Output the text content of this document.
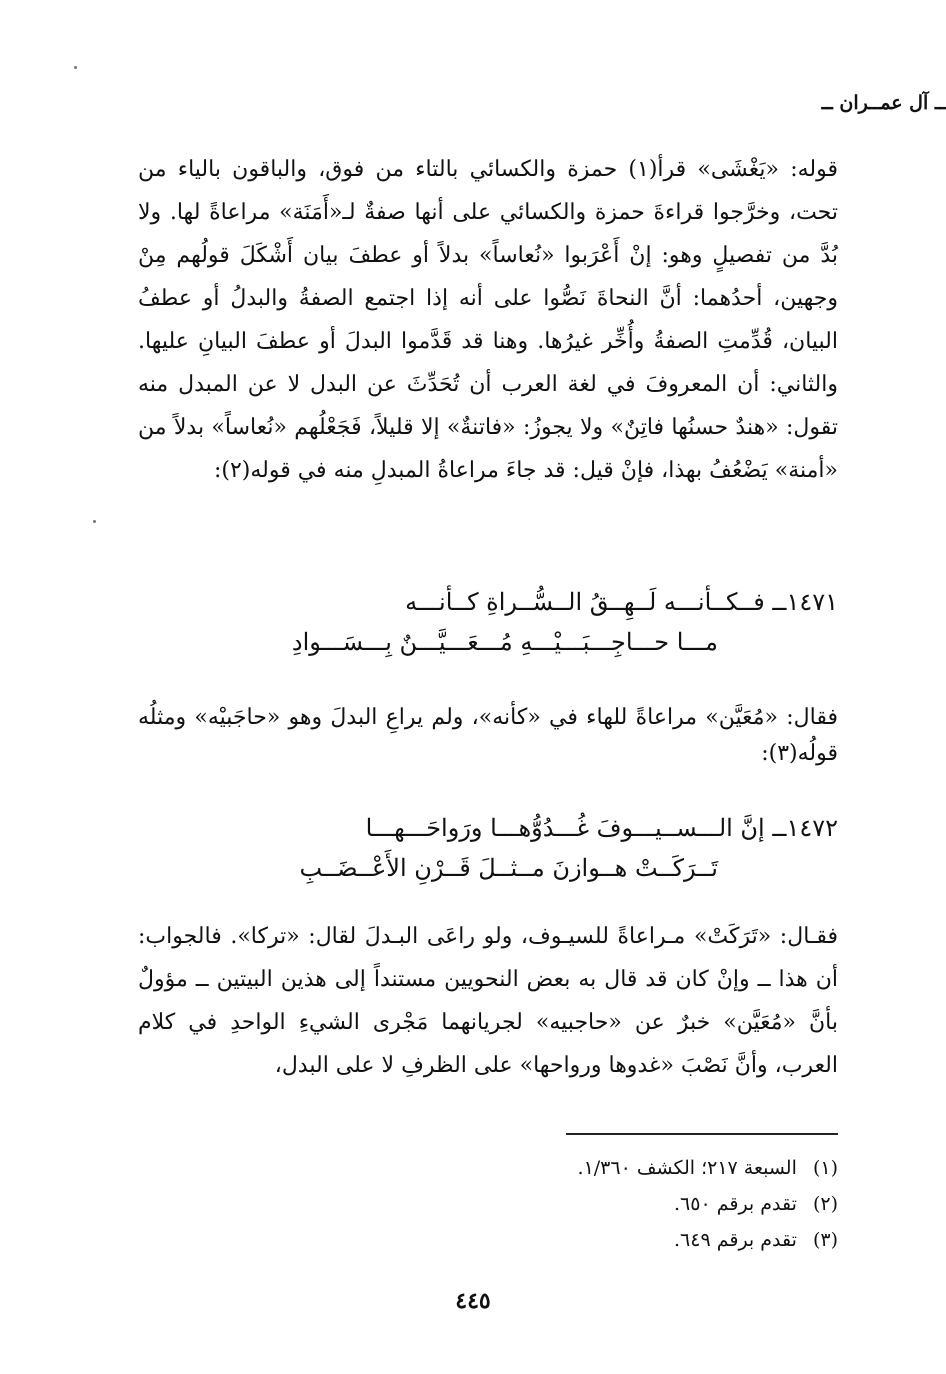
ــ آل عمــران ــ
قوله: «يَغْشَى» قرأ(١) حمزة والكسائي بالتاء من فوق، والباقون بالياء من تحت، وخرَّجوا قراءةَ حمزة والكسائي على أنها صفةٌ لـ«أَمَنَة» مراعاةً لها. ولا بُدَّ من تفصيلٍ وهو: إنْ أَعْرَبوا «نُعاساً» بدلاً أو عطفَ بيان أَشْكَلَ قولُهم مِنْ وجهين، أحدُهما: أنَّ النحاةَ نَصُّوا على أنه إذا اجتمع الصفةُ والبدلُ أو عطفُ البيان، قُدِّمتِ الصفةُ وأُخِّر غيرُها. وهنا قد قَدَّموا البدلَ أو عطفَ البيانِ عليها. والثاني: أن المعروفَ في لغة العرب أن تُحَدِّثَ عن البدل لا عن المبدل منه تقول: «هندٌ حسنُها فاتِنٌ» ولا يجوزُ: «فاتنةٌ» إلا قليلاً، فَجَعْلُهم «نُعاساً» بدلاً من «أمنة» يَضْعُفُ بهذا، فإنْ قيل: قد جاءَ مراعاةُ المبدلِ منه في قوله(٢):
١٤٧١ــ فــكــأنـــه لَــهِــقُ الــسُّــراةِ كــأنـــه
مـــا حـــاجِـــبَـــيْـــهِ مُـــعَـــيَّـــنٌ بِـــسَـــوادِ
فقال: «مُعَيَّن» مراعاةً للهاء في «كأنه»، ولم يراعِ البدلَ وهو «حاجَبيْه» ومثلُه قولُه(٣):
١٤٧٢ــ إنَّ الـــســيـــوفَ غُـــدُوُّهـــا ورَواحَـــهـــا
تَــرَكَــتْ هــوازنَ مــثــلَ قَــرْنِ الأَعْــضَــبِ
فقـال: «تَرَكَتْ» مـراعاةً للسيـوف، ولو راعَى البـدلَ لقال: «تركا». فالجواب: أن هذا ــ وإنْ كان قد قال به بعض النحويين مستنداً إلى هذين البيتين ــ مؤولٌ بأنَّ «مُعَيَّن» خبرٌ عن «حاجبيه» لجريانهما مَجْرى الشيءِ الواحدِ في كلام العرب، وأنَّ نَصْبَ «غدوها ورواحها» على الظرفِ لا على البدل،
(١) السبعة ٢١٧؛ الكشف ١/٣٦٠.
(٢) تقدم برقم ٦٥٠.
(٣) تقدم برقم ٦٤٩.
٤٤٥
